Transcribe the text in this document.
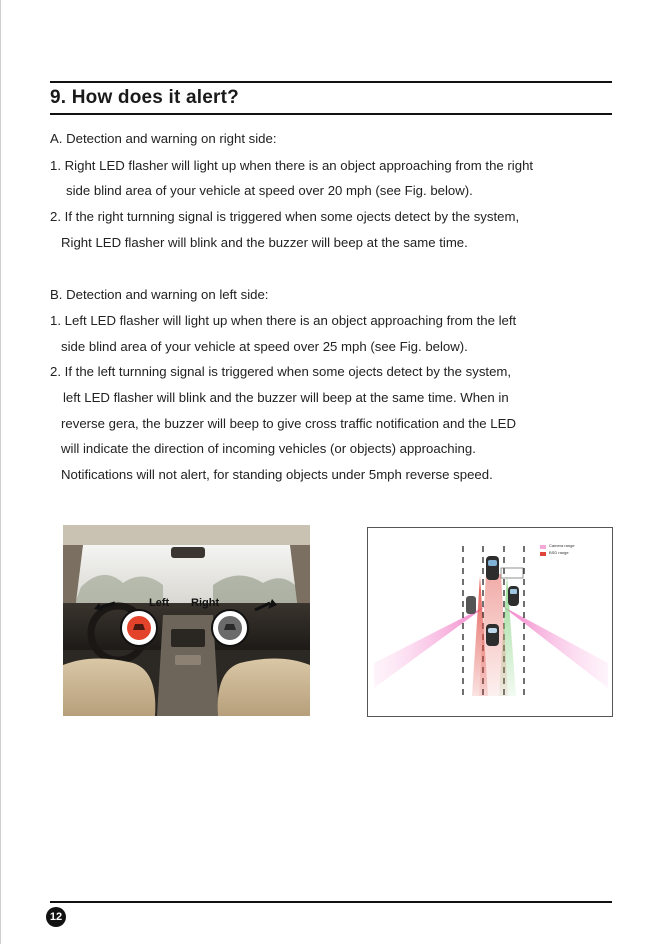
9. How does it alert?
A. Detection and warning on right side:
1. Right LED flasher will light up when there is an object approaching from the right
side blind area of your vehicle at speed over 20 mph (see Fig. below).
2. If the right turnning signal is triggered when some ojects detect by the system,
Right LED flasher will blink and the buzzer will beep at the same time.
B. Detection and warning on left side:
1. Left LED flasher will light up when there is an object approaching from the left
side blind area of your vehicle at speed over 25 mph (see Fig. below).
2. If the left turnning signal is triggered when some ojects detect by the system,
left LED flasher will blink and the buzzer will beep at the same time. When in
reverse gera, the buzzer will beep to give cross traffic notification and the LED
will indicate the direction of incoming vehicles (or objects) approaching.
Notifications will not alert, for standing objects under 5mph reverse speed.
Left Right
Camera range
BSD range
12
